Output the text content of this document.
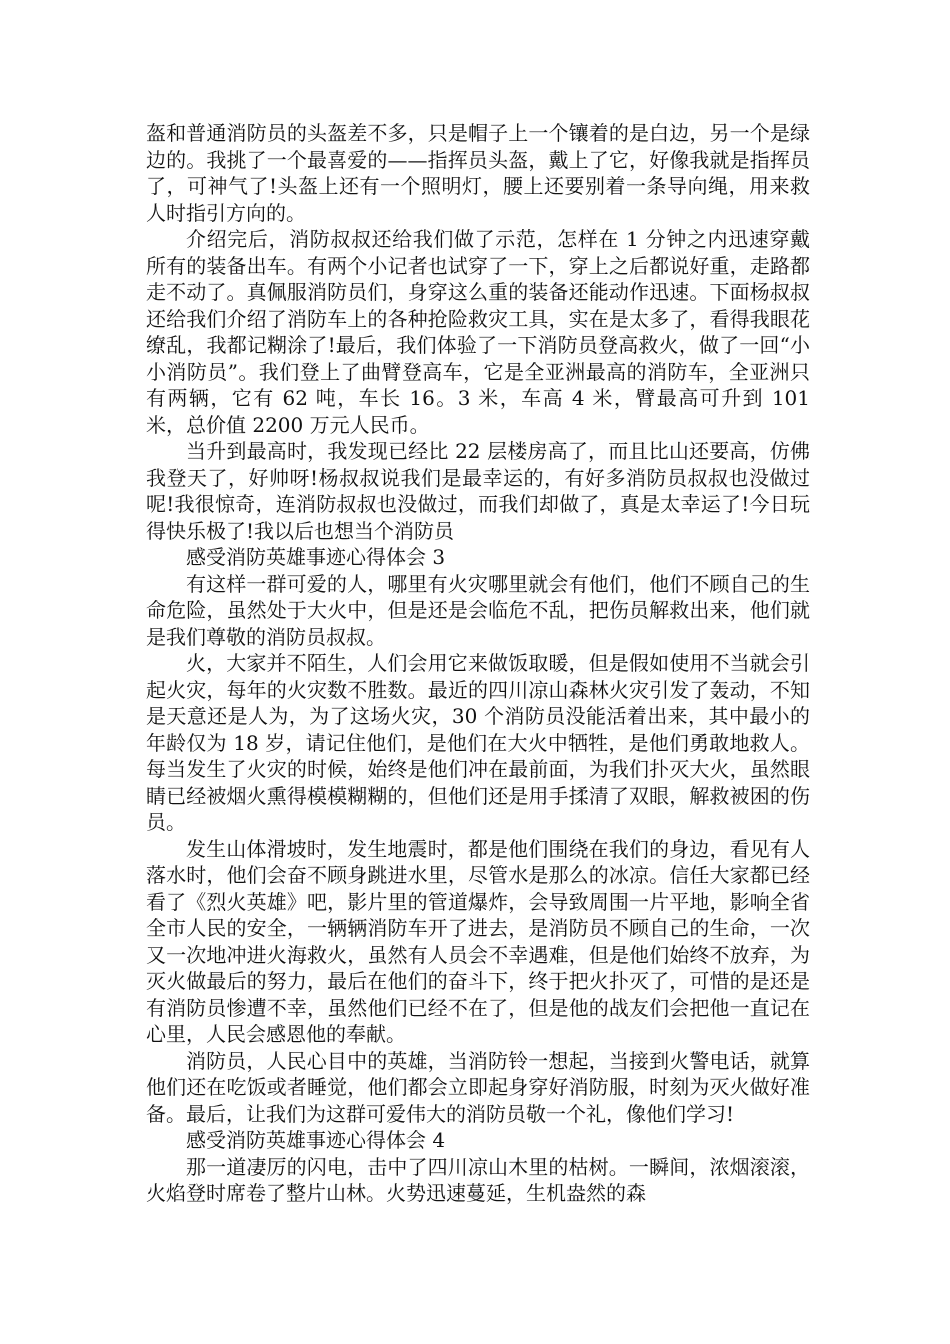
盔和普通消防员的头盔差不多，只是帽子上一个镶着的是白边，另一个是绿边的。我挑了一个最喜爱的——指挥员头盔，戴上了它，好像我就是指挥员了，可神气了!头盔上还有一个照明灯，腰上还要别着一条导向绳，用来救人时指引方向的。

介绍完后，消防叔叔还给我们做了示范，怎样在 1 分钟之内迅速穿戴所有的装备出车。有两个小记者也试穿了一下，穿上之后都说好重，走路都走不动了。真佩服消防员们，身穿这么重的装备还能动作迅速。下面杨叔叔还给我们介绍了消防车上的各种抢险救灾工具，实在是太多了，看得我眼花缭乱，我都记糊涂了!最后，我们体验了一下消防员登高救火，做了一回“小小消防员”。我们登上了曲臂登高车，它是全亚洲最高的消防车，全亚洲只有两辆，它有 62 吨，车长 16。3 米，车高 4 米，臂最高可升到 101 米，总价值 2200 万元人民币。

当升到最高时，我发现已经比 22 层楼房高了，而且比山还要高，仿佛我登天了，好帅呀!杨叔叔说我们是最幸运的，有好多消防员叔叔也没做过呢!我很惊奇，连消防叔叔也没做过，而我们却做了，真是太幸运了!今日玩得快乐极了!我以后也想当个消防员

感受消防英雄事迹心得体会 3

有这样一群可爱的人，哪里有火灾哪里就会有他们，他们不顾自己的生命危险，虽然处于大火中，但是还是会临危不乱，把伤员解救出来，他们就是我们尊敬的消防员叔叔。

火，大家并不陌生，人们会用它来做饭取暖，但是假如使用不当就会引起火灾，每年的火灾数不胜数。最近的四川凉山森林火灾引发了轰动，不知是天意还是人为，为了这场火灾，30 个消防员没能活着出来，其中最小的年龄仅为 18 岁，请记住他们，是他们在大火中牺牲，是他们勇敢地救人。每当发生了火灾的时候，始终是他们冲在最前面，为我们扑灭大火，虽然眼睛已经被烟火熏得模模糊糊的，但他们还是用手揉清了双眼，解救被困的伤员。

发生山体滑坡时，发生地震时，都是他们围绕在我们的身边，看见有人落水时，他们会奋不顾身跳进水里，尽管水是那么的冰凉。信任大家都已经看了《烈火英雄》吧，影片里的管道爆炸，会导致周围一片平地，影响全省全市人民的安全，一辆辆消防车开了进去，是消防员不顾自己的生命，一次又一次地冲进火海救火，虽然有人员会不幸遇难，但是他们始终不放弃，为灭火做最后的努力，最后在他们的奋斗下，终于把火扑灭了，可惜的是还是有消防员惨遭不幸，虽然他们已经不在了，但是他的战友们会把他一直记在心里，人民会感恩他的奉献。

消防员，人民心目中的英雄，当消防铃一想起，当接到火警电话，就算他们还在吃饭或者睡觉，他们都会立即起身穿好消防服，时刻为灭火做好准备。最后，让我们为这群可爱伟大的消防员敬一个礼，像他们学习!

感受消防英雄事迹心得体会 4

那一道凄厉的闪电，击中了四川凉山木里的枯树。一瞬间，浓烟滚滚，火焰登时席卷了整片山林。火势迅速蔓延，生机盎然的森
